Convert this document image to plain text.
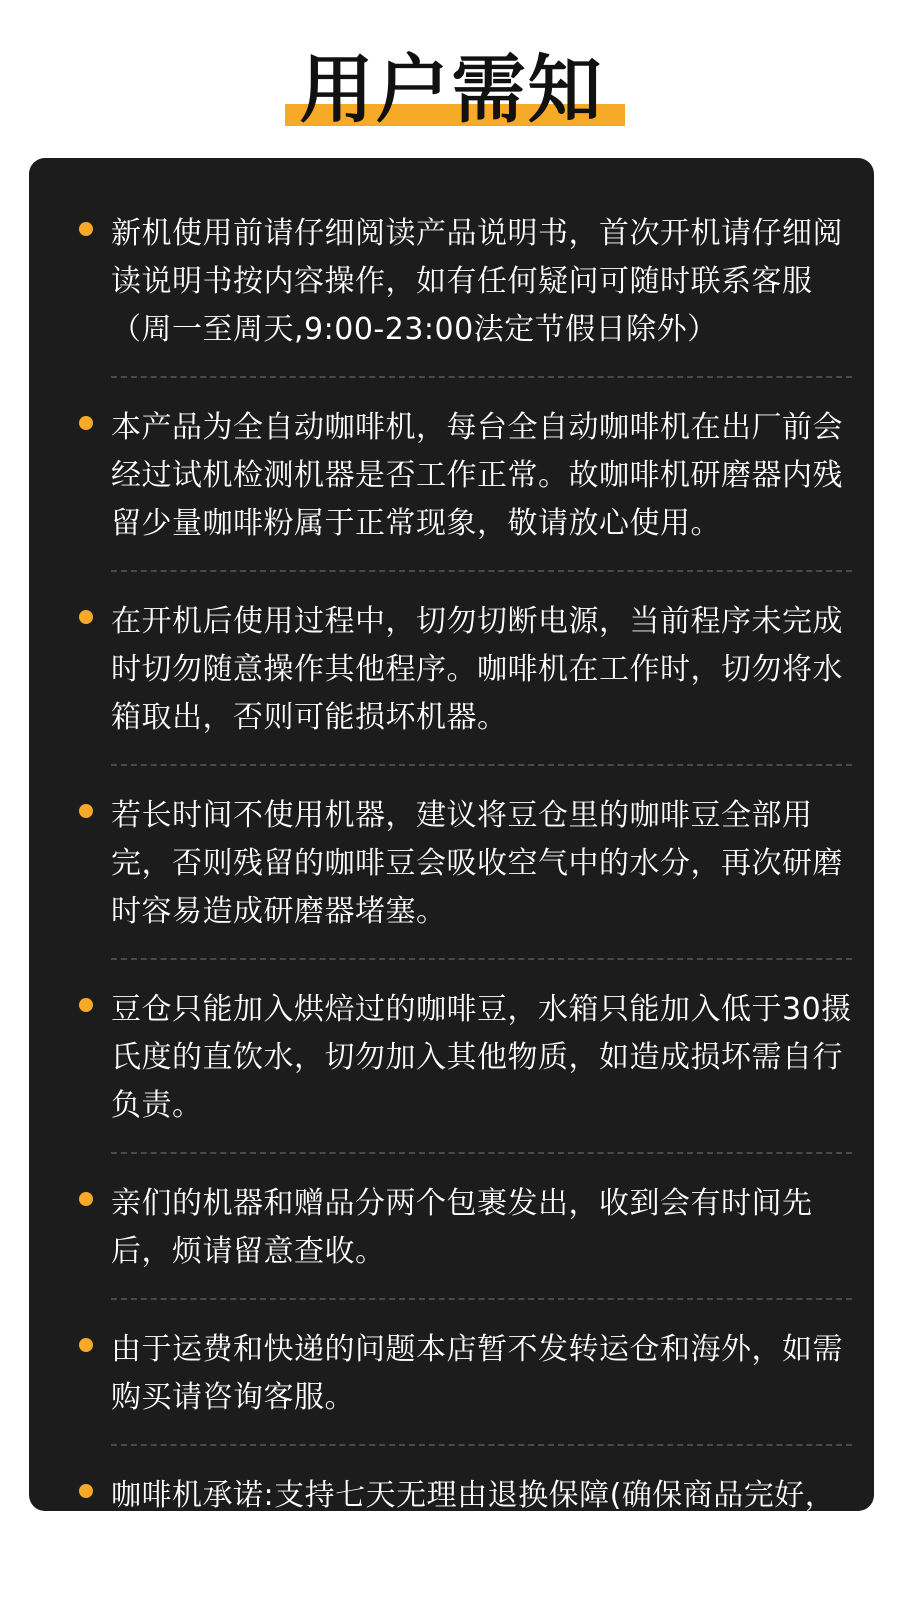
用户需知

新机使用前请仔细阅读产品说明书，首次开机请仔细阅读说明书按内容操作，如有任何疑问可随时联系客服（周一至周天,9:00-23:00法定节假日除外）

本产品为全自动咖啡机，每台全自动咖啡机在出厂前会经过试机检测机器是否工作正常。故咖啡机研磨器内残留少量咖啡粉属于正常现象，敬请放心使用。

在开机后使用过程中，切勿切断电源，当前程序未完成时切勿随意操作其他程序。咖啡机在工作时，切勿将水箱取出，否则可能损坏机器。

若长时间不使用机器，建议将豆仓里的咖啡豆全部用完，否则残留的咖啡豆会吸收空气中的水分，再次研磨时容易造成研磨器堵塞。

豆仓只能加入烘焙过的咖啡豆，水箱只能加入低于30摄氏度的直饮水，切勿加入其他物质，如造成损坏需自行负责。

亲们的机器和赠品分两个包裹发出，收到会有时间先后，烦请留意查收。

由于运费和快递的问题本店暂不发转运仓和海外，如需购买请咨询客服。

咖啡机承诺:支持七天无理由退换保障(确保商品完好，未使用):享受一年质保，终身维修质量保障。
